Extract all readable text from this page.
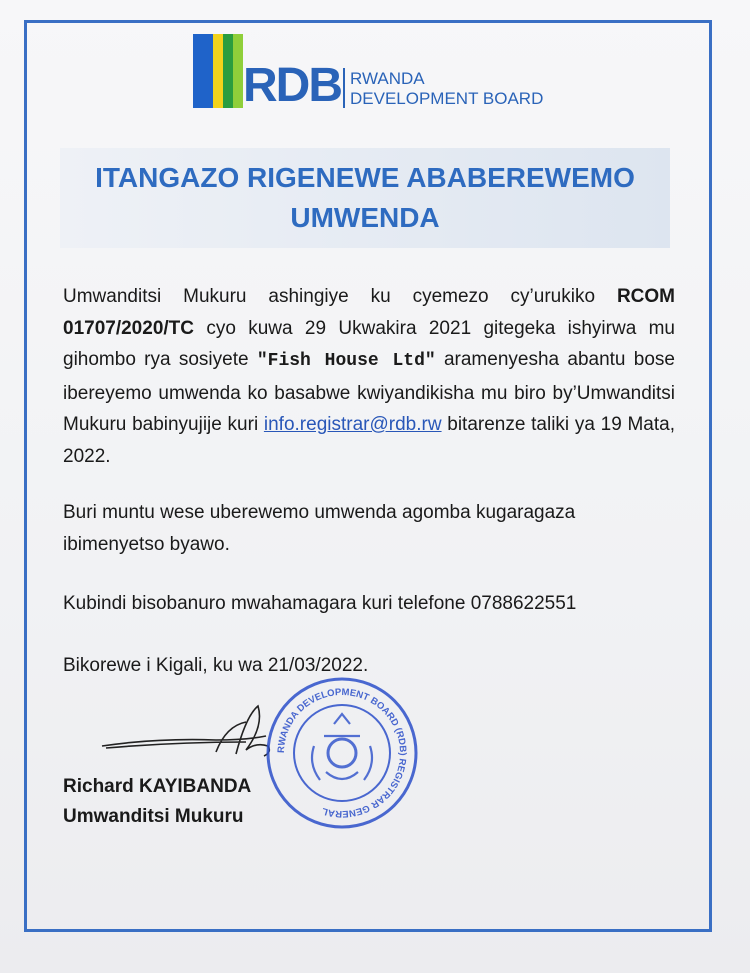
RDB RWANDA
DEVELOPMENT BOARD
ITANGAZO RIGENEWE ABABEREWEMO UMWENDA

Umwanditsi Mukuru ashingiye ku cyemezo cy’urukiko RCOM 01707/2020/TC cyo kuwa 29 Ukwakira 2021 gitegeka ishyirwa mu gihombo rya sosiyete "Fish House Ltd" aramenyesha abantu bose ibereyemo umwenda ko basabwe kwiyandikisha mu biro by’Umwanditsi Mukuru babinyujije kuri info.registrar@rdb.rw bitarenze taliki ya 19 Mata, 2022.

Buri muntu wese uberewemo umwenda agomba kugaragaza ibimenyetso byawo.

Kubindi bisobanuro mwahamagara kuri telefone 0788622551

Bikorewe i Kigali, ku wa 21/03/2022.

RWANDA DEVELOPMENT BOARD (RDB) REGISTRAR GENERAL
Richard KAYIBANDA
Umwanditsi Mukuru
